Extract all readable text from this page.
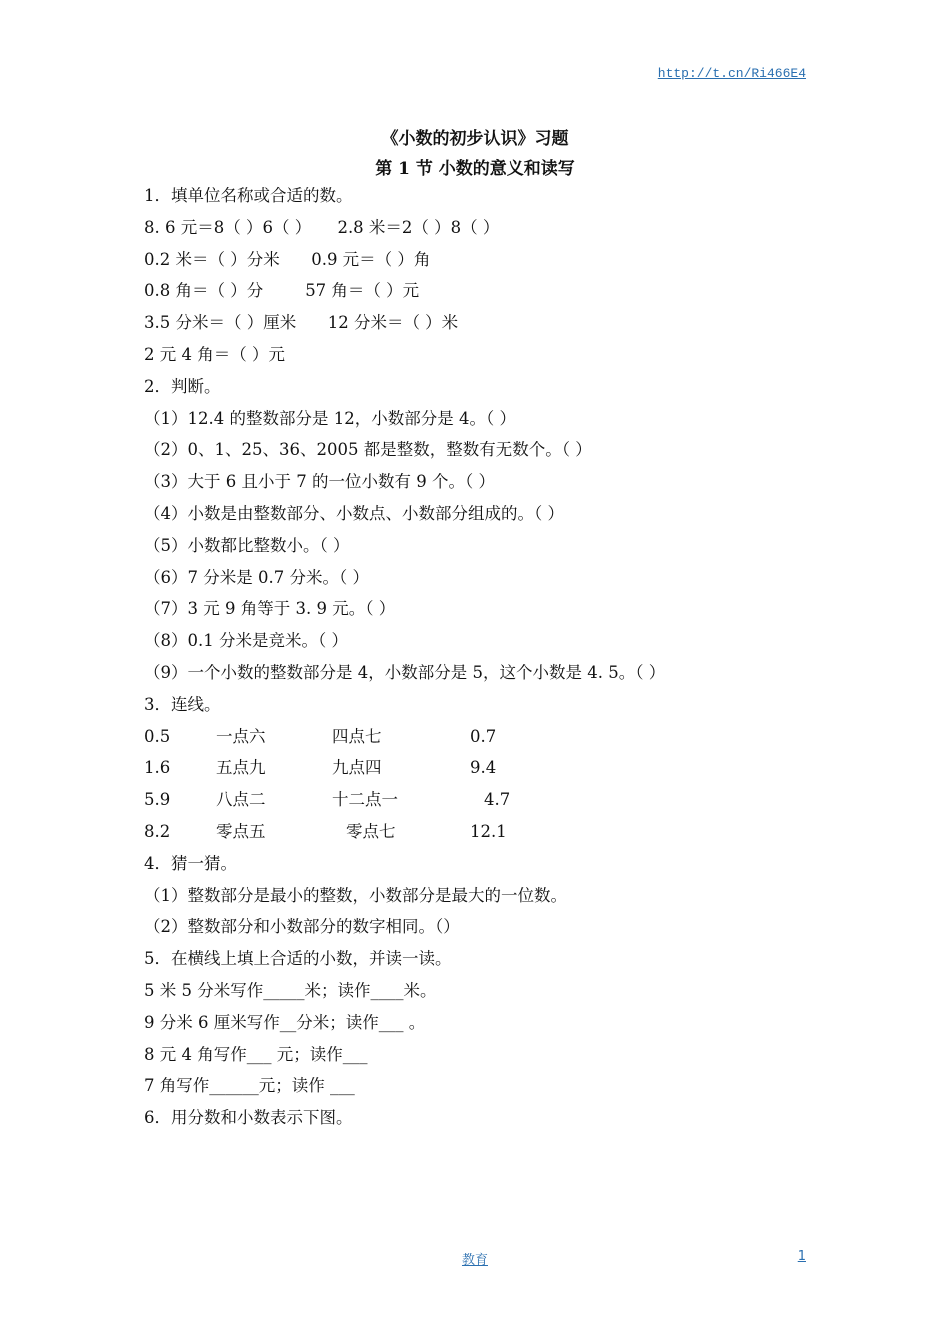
http://t.cn/Ri466E4
《小数的初步认识》习题
第 1 节 小数的意义和读写
1．填单位名称或合适的数。
8. 6 元＝8（ ）6（ ）     2.8 米＝2（ ）8（ ）
0.2 米＝（ ）分米      0.9 元＝（ ）角
0.8 角＝（ ）分        57 角＝（ ）元
3.5 分米＝（ ）厘米      12 分米＝（ ）米
2 元 4 角＝（ ）元
2．判断。
（1）12.4 的整数部分是 12，小数部分是 4。（ ）
（2）0、1、25、36、2005 都是整数，整数有无数个。（ ）
（3）大于 6 且小于 7 的一位小数有 9 个。（ ）
（4）小数是由整数部分、小数点、小数部分组成的。（ ）
（5）小数都比整数小。（ ）
（6）7 分米是 0.7 分米。（ ）
（7）3 元 9 角等于 3. 9 元。（ ）
（8）0.1 分米是竞米。（ ）
（9）一个小数的整数部分是 4，小数部分是 5，这个小数是 4. 5。（ ）
3．连线。
0.5	一点六	四点七	0.7
1.6	五点九	九点四	9.4
5.9	八点二	十二点一	4.7
8.2	零点五	零点七	12.1
4．猜一猜。
（1）整数部分是最小的整数，小数部分是最大的一位数。
（2）整数部分和小数部分的数字相同。（）
5．在横线上填上合适的小数，并读一读。
5 米 5 分米写作_____米；读作____米。
9 分米 6 厘米写作__分米；读作___ 。
8 元 4 角写作___ 元；读作___
7 角写作______元；读作 ___
6．用分数和小数表示下图。
教育	1
